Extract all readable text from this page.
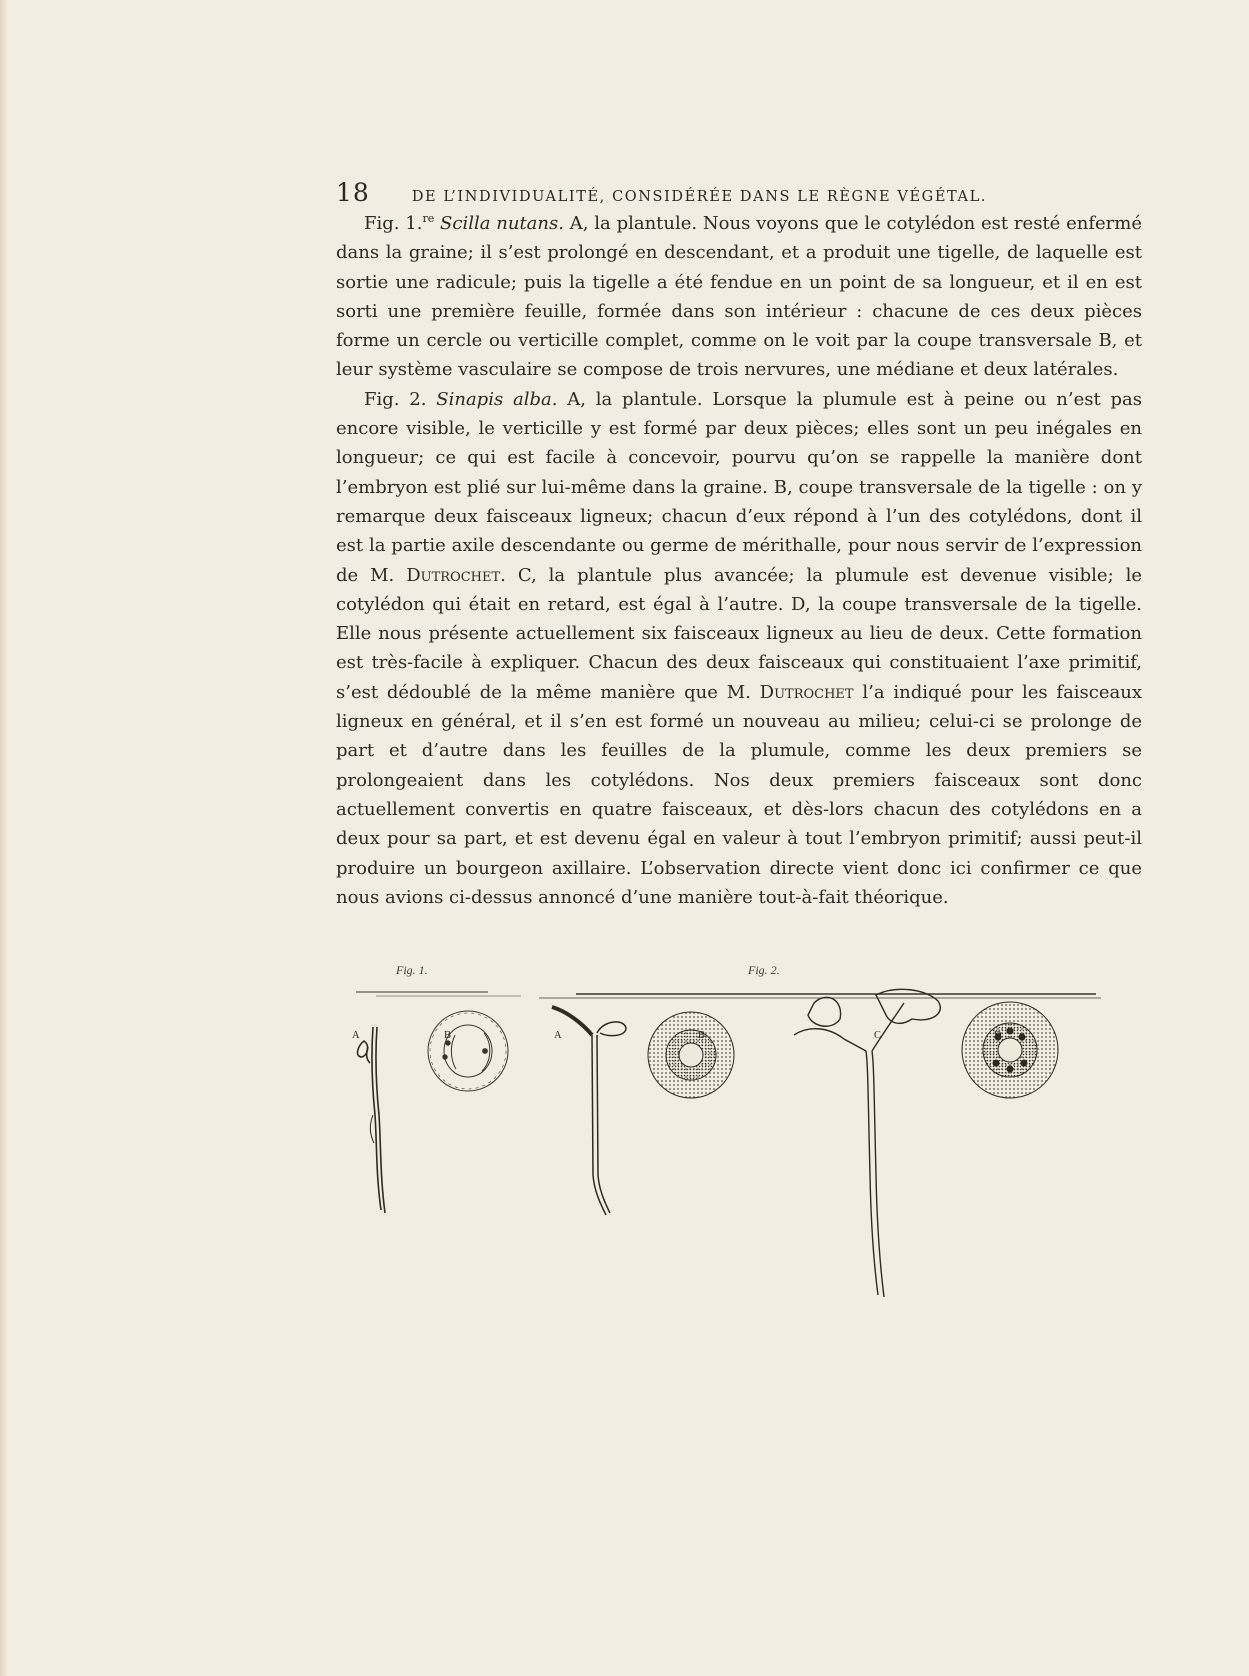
18	DE L’INDIVIDUALITÉ, CONSIDÉRÉE DANS LE RÈGNE VÉGÉTAL.

Fig. 1.$^{re}$ Scilla nutans. A, la plantule. Nous voyons que le cotylédon est resté enfermé dans la graine; il s’est prolongé en descendant, et a produit une tigelle, de laquelle est sortie une radicule; puis la tigelle a été fendue en un point de sa longueur, et il en est sorti une première feuille, formée dans son intérieur : chacune de ces deux pièces forme un cercle ou verticille complet, comme on le voit par la coupe transversale B, et leur système vasculaire se compose de trois nervures, une médiane et deux latérales.

Fig. 2. Sinapis alba. A, la plantule. Lorsque la plumule est à peine ou n’est pas encore visible, le verticille y est formé par deux pièces; elles sont un peu inégales en longueur; ce qui est facile à concevoir, pourvu qu’on se rappelle la manière dont l’embryon est plié sur lui-même dans la graine. B, coupe transversale de la tigelle : on y remarque deux faisceaux ligneux; chacun d’eux répond à l’un des cotylédons, dont il est la partie axile descendante ou germe de mérithalle, pour nous servir de l’expression de M. Dutrochet. C, la plantule plus avancée; la plumule est devenue visible; le cotylédon qui était en retard, est égal à l’autre. D, la coupe transversale de la tigelle. Elle nous présente actuellement six faisceaux ligneux au lieu de deux. Cette formation est très-facile à expliquer. Chacun des deux faisceaux qui constituaient l’axe primitif, s’est dédoublé de la même manière que M. Dutrochet l’a indiqué pour les faisceaux ligneux en général, et il s’en est formé un nouveau au milieu; celui-ci se prolonge de part et d’autre dans les feuilles de la plumule, comme les deux premiers se prolongeaient dans les cotylédons. Nos deux premiers faisceaux sont donc actuellement convertis en quatre faisceaux, et dès-lors chacun des cotylédons en a deux pour sa part, et est devenu égal en valeur à tout l’embryon primitif; aussi peut-il produire un bourgeon axillaire. L’observation directe vient donc ici confirmer ce que nous avions ci-dessus annoncé d’une manière tout-à-fait théorique.

Fig. 1.	Fig. 2.
A	B	A	B	C	D
